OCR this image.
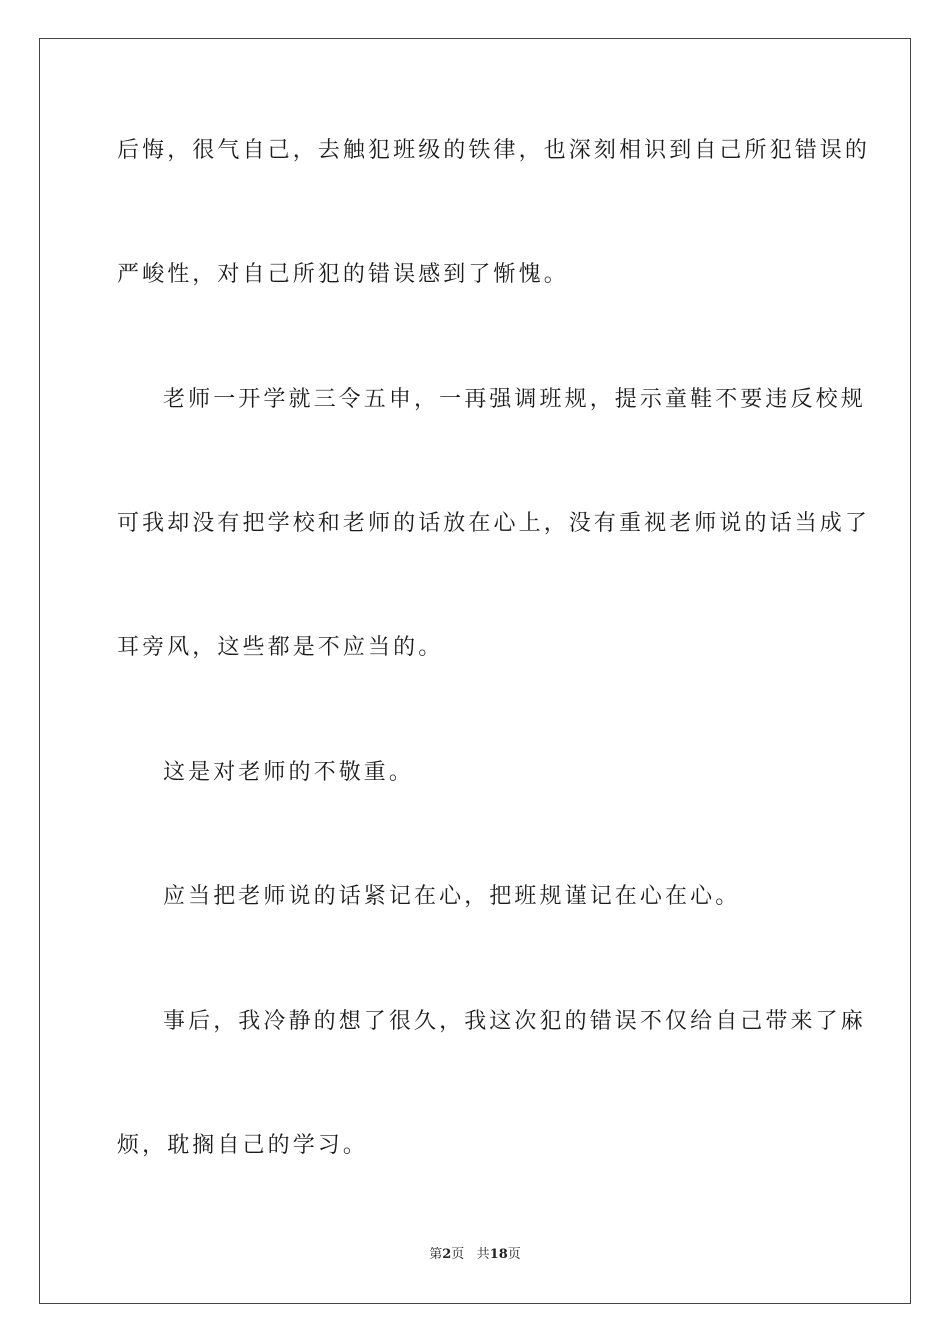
后悔，很气自己，去触犯班级的铁律，也深刻相识到自己所犯错误的
严峻性，对自己所犯的错误感到了惭愧。
老师一开学就三令五申，一再强调班规，提示童鞋不要违反校规
可我却没有把学校和老师的话放在心上，没有重视老师说的话当成了
耳旁风，这些都是不应当的。
这是对老师的不敬重。
应当把老师说的话紧记在心，把班规谨记在心在心。
事后，我冷静的想了很久，我这次犯的错误不仅给自己带来了麻
烦，耽搁自己的学习。
第2页 共18页
